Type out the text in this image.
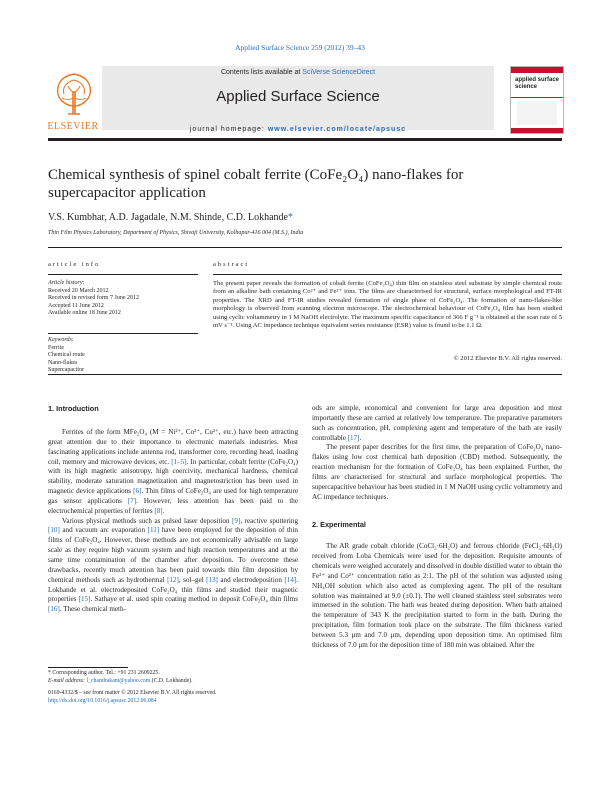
Applied Surface Science 259 (2012) 39–43
ELSEVIER
Contents lists available at SciVerse ScienceDirect
Applied Surface Science
journal homepage: www.elsevier.com/locate/apsusc
applied surface science
Chemical synthesis of spinel cobalt ferrite (CoFe₂O₄) nano-flakes for supercapacitor application
V.S. Kumbhar, A.D. Jagadale, N.M. Shinde, C.D. Lokhande*
Thin Film Physics Laboratory, Department of Physics, Shivaji University, Kolhapur-416 004 (M.S.), India
article info	abstract
Article history:
Received 20 March 2012
Received in revised form 7 June 2012
Accepted 11 June 2012
Available online 18 June 2012
Keywords:
Ferrite
Chemical route
Nano-flakes
Supercapacitor
The present paper reveals the formation of cobalt ferrite (CoFe₂O₄) thin film on stainless steel substrate by simple chemical route from an alkaline bath containing Co²⁺ and Fe²⁺ ions. The films are characterised for structural, surface morphological and FT-IR properties. The XRD and FT-IR studies revealed formation of single phase of CoFe₂O₄. The formation of nano-flakes-like morphology is observed from scanning electron microscope. The electrochemical behaviour of CoFe₂O₄ film has been studied using cyclic voltammetry in 1 M NaOH electrolyte. The maximum specific capacitance of 366 F g⁻¹ is obtained at the scan rate of 5 mV s⁻¹. Using AC impedance technique equivalent series resistance (ESR) value is found to be 1.1 Ω.
© 2012 Elsevier B.V. All rights reserved.
1. Introduction

Ferrites of the form MFe₂O₄ (M = Ni²⁺, Co²⁺, Cu²⁺, etc.) have been attracting great attention due to their importance to electronic materials industries. Most fascinating applications include antenna rod, transformer core, recording head, loading coil, memory and microwave devices, etc. [1–5]. In particular, cobalt ferrite (CoFe₂O₄) with its high magnetic anisotropy, high coercivity, mechanical hardness, chemical stability, moderate saturation magnetization and magnetostriction has been used in magnetic device applications [6]. Thin films of CoFe₂O₄ are used for high temperature gas sensor applications [7]. However, less attention has been paid to the electrochemical properties of ferrites [8].

Various physical methods such as pulsed laser deposition [9], reactive sputtering [10] and vacuum arc evaporation [11] have been employed for the deposition of thin films of CoFe₂O₄. However, these methods are not economically advisable on large scale as they require high vacuum system and high reaction temperatures and at the same time contamination of the chamber after deposition. To overcome these drawbacks, recently much attention has been paid towards thin film deposition by chemical methods such as hydrothermal [12], sol–gel [13] and electrodeposition [14]. Lokhande et al. electrodeposited CoFe₂O₄ thin films and studied their magnetic properties [15]. Sathaye et al. used spin coating method to deposit CoFe₂O₄ thin films [16]. These chemical meth-

ods are simple, economical and convenient for large area deposition and most importantly these are carried at relatively low temperature. The preparative parameters such as concentration, pH, complexing agent and temperature of the bath are easily controllable [17].

The present paper describes for the first time, the preparation of CoFe₂O₄ nano-flakes using low cost chemical bath deposition (CBD) method. Subsequently, the reaction mechanism for the formation of CoFe₂O₄ has been explained. Further, the films are characterised for structural and surface morphological properties. The supercapacitive behaviour has been studied in 1 M NaOH using cyclic voltammetry and AC impedance techniques.

2. Experimental

The AR grade cobalt chloride (CoCl₂·6H₂O) and ferrous chloride (FeCl₂·6H₂O) received from Loba Chemicals were used for the deposition. Requisite amounts of chemicals were weighed accurately and dissolved in double distilled water to obtain the Fe²⁺ and Co²⁺ concentration ratio as 2:1. The pH of the solution was adjusted using NH₄OH solution which also acted as complexing agent. The pH of the resultant solution was maintained at 9.0 (±0.1). The well cleaned stainless steel substrates were immersed in the solution. The bath was heated during deposition. When bath attained the temperature of 343 K the precipitation started to form in the bath. During the precipitation, film formation took place on the substrate. The film thickness varied between 5.3 μm and 7.0 μm, depending upon deposition time. An optimised film thickness of 7.0 μm for the deposition time of 180 min was obtained. After the

* Corresponding author. Tel.: +91 231 2609225.
E-mail address: l_chandrakant@yahoo.com (C.D. Lokhande).
0169-4332/$ – see front matter © 2012 Elsevier B.V. All rights reserved.
http://dx.doi.org/10.1016/j.apsusc.2012.06.084
